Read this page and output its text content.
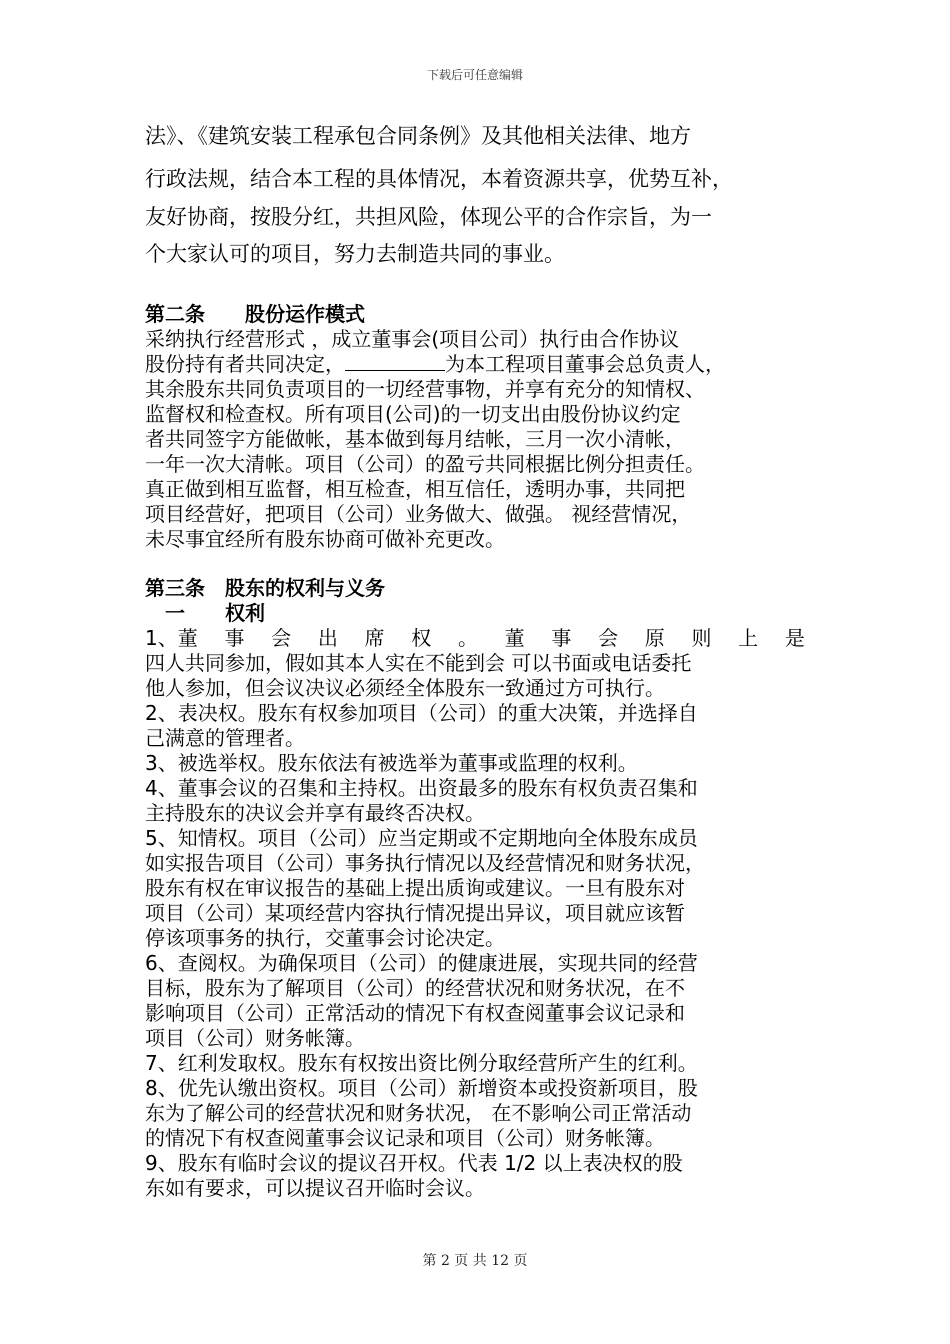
下载后可任意编辑
法》、《建筑安装工程承包合同条例》及其他相关法律、地方
行政法规，结合本工程的具体情况，本着资源共享，优势互补，
友好协商，按股分红，共担风险，体现公平的合作宗旨，为一
个大家认可的项目，努力去制造共同的事业。
第二条　　股份运作模式
采纳执行经营形式 ，成立董事会(项目公司）执行由合作协议
股份持有者共同决定，	为本工程项目董事会总负责人，
其余股东共同负责项目的一切经营事物，并享有充分的知情权、
监督权和检查权。所有项目(公司)的一切支出由股份协议约定
者共同签字方能做帐，基本做到每月结帐，三月一次小清帐，
一年一次大清帐。项目（公司）的盈亏共同根据比例分担责任。
真正做到相互监督，相互检查，相互信任，透明办事，共同把
项目经营好，把项目（公司）业务做大、做强。 视经营情况，
未尽事宜经所有股东协商可做补充更改。
第三条　股东的权利与义务
　一　　权利
1、董 事 会 出 席 权 。 董 事 会 原 则 上 是
四人共同参加，假如其本人实在不能到会 可以书面或电话委托
他人参加，但会议决议必须经全体股东一致通过方可执行。
2、表决权。股东有权参加项目（公司）的重大决策，并选择自
己满意的管理者。
3、被选举权。股东依法有被选举为董事或监理的权利。
4、董事会议的召集和主持权。出资最多的股东有权负责召集和
主持股东的决议会并享有最终否决权。
5、知情权。项目（公司）应当定期或不定期地向全体股东成员
如实报告项目（公司）事务执行情况以及经营情况和财务状况，
股东有权在审议报告的基础上提出质询或建议。一旦有股东对
项目（公司）某项经营内容执行情况提出异议，项目就应该暂
停该项事务的执行，交董事会讨论决定。
6、查阅权。为确保项目（公司）的健康进展，实现共同的经营
目标，股东为了解项目（公司）的经营状况和财务状况，在不
影响项目（公司）正常活动的情况下有权查阅董事会议记录和
项目（公司）财务帐簿。
7、红利发取权。股东有权按出资比例分取经营所产生的红利。
8、优先认缴出资权。项目（公司）新增资本或投资新项目，股
东为了解公司的经营状况和财务状况， 在不影响公司正常活动
的情况下有权查阅董事会议记录和项目（公司）财务帐簿。
9、股东有临时会议的提议召开权。代表 1/2 以上表决权的股
东如有要求，可以提议召开临时会议。
第 2 页 共 12 页
